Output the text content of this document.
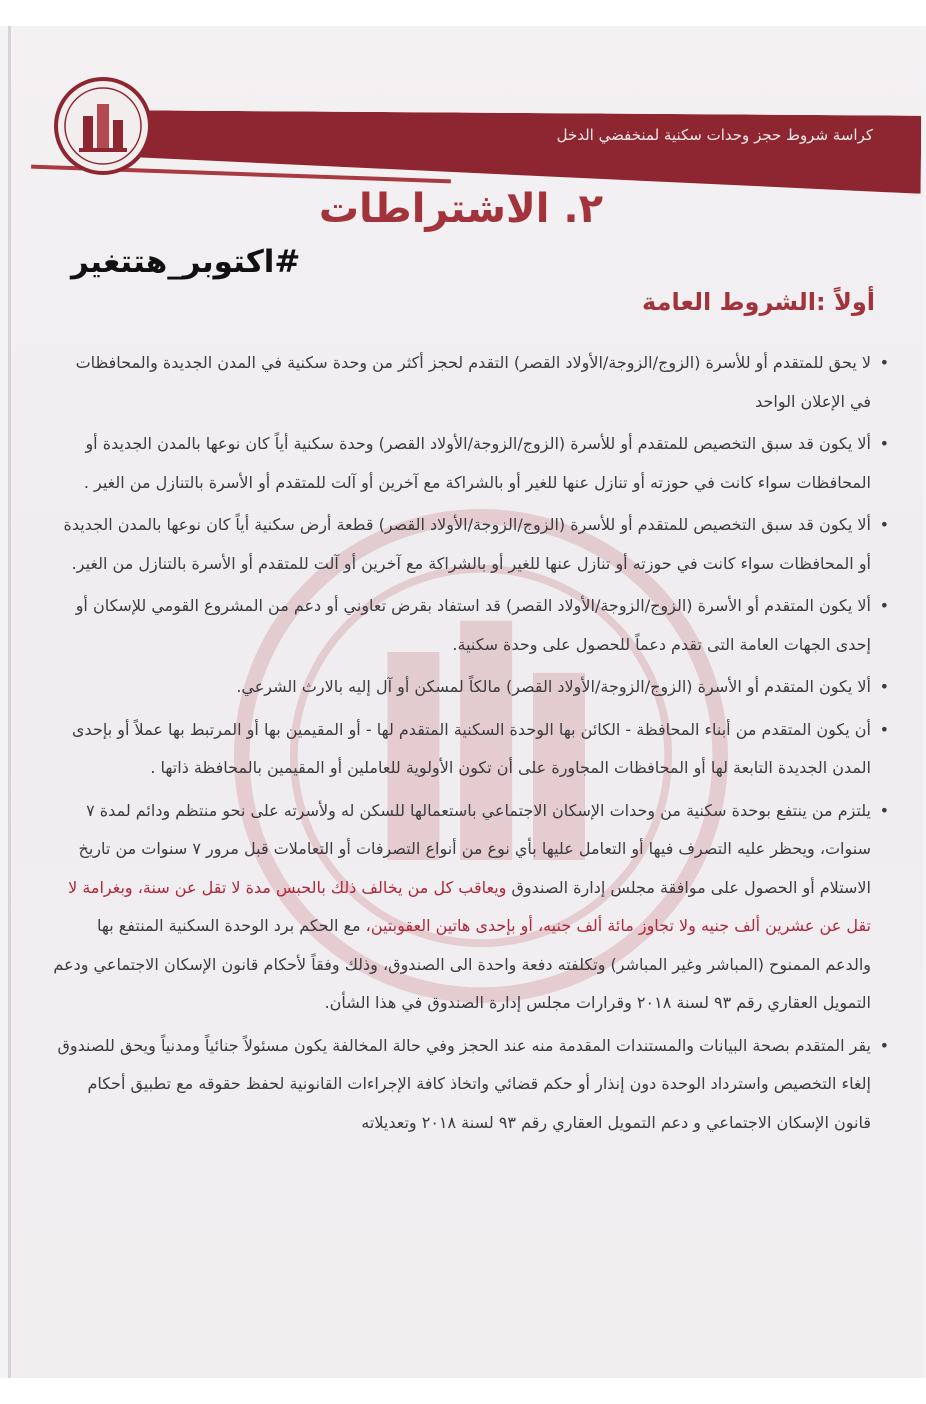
كراسة شروط حجز وحدات سكنية لمنخفضي الدخل
٢. الاشتراطات
#اكتوبر_هتتغير
أولاً :الشروط العامة
• لا يحق للمتقدم أو للأسرة (الزوج/الزوجة/الأولاد القصر) التقدم لحجز أكثر من وحدة سكنية في المدن الجديدة والمحافظات في الإعلان الواحد
• ألا يكون قد سبق التخصيص للمتقدم أو للأسرة (الزوج/الزوجة/الأولاد القصر) وحدة سكنية أياً كان نوعها بالمدن الجديدة أو المحافظات سواء كانت في حوزته أو تنازل عنها للغير أو بالشراكة مع آخرين أو آلت للمتقدم أو الأسرة بالتنازل من الغير .
• ألا يكون قد سبق التخصيص للمتقدم أو للأسرة (الزوج/الزوجة/الأولاد القصر) قطعة أرض سكنية أياً كان نوعها بالمدن الجديدة أو المحافظات سواء كانت في حوزته أو تنازل عنها للغير أو بالشراكة مع آخرين أو آلت للمتقدم أو الأسرة بالتنازل من الغير.
• ألا يكون المتقدم أو الأسرة (الزوج/الزوجة/الأولاد القصر) قد استفاد بقرض تعاوني أو دعم من المشروع القومي للإسكان أو إحدى الجهات العامة التى تقدم دعماً للحصول على وحدة سكنية.
• ألا يكون المتقدم أو الأسرة (الزوج/الزوجة/الأولاد القصر) مالكاً لمسكن أو آل إليه بالارث الشرعي.
• أن يكون المتقدم من أبناء المحافظة - الكائن بها الوحدة السكنية المتقدم لها - أو المقيمين بها أو المرتبط بها عملاً أو بإحدى المدن الجديدة التابعة لها أو المحافظات المجاورة على أن تكون الأولوية للعاملين أو المقيمين بالمحافظة ذاتها .
• يلتزم من ينتفع بوحدة سكنية من وحدات الإسكان الاجتماعي باستعمالها للسكن له ولأسرته على نحو منتظم ودائم لمدة ٧ سنوات، ويحظر عليه التصرف فيها أو التعامل عليها بأي نوع من أنواع التصرفات أو التعاملات قبل مرور ٧ سنوات من تاريخ الاستلام أو الحصول على موافقة مجلس إدارة الصندوق ويعاقب كل من يخالف ذلك بالحبس مدة لا تقل عن سنة، وبغرامة لا تقل عن عشرين ألف جنيه ولا تجاوز مائة ألف جنيه، أو بإحدى هاتين العقوبتين، مع الحكم برد الوحدة السكنية المنتفع بها والدعم الممنوح (المباشر وغير المباشر) وتكلفته دفعة واحدة الى الصندوق، وذلك وفقاً لأحكام قانون الإسكان الاجتماعي ودعم التمويل العقاري رقم ٩٣ لسنة ٢٠١٨ وقرارات مجلس إدارة الصندوق في هذا الشأن.
• يقر المتقدم بصحة البيانات والمستندات المقدمة منه عند الحجز وفي حالة المخالفة يكون مسئولاً جنائياً ومدنياً ويحق للصندوق إلغاء التخصيص واسترداد الوحدة دون إنذار أو حكم قضائي واتخاذ كافة الإجراءات القانونية لحفظ حقوقه مع تطبيق أحكام قانون الإسكان الاجتماعي و دعم التمويل العقاري رقم ٩٣ لسنة ٢٠١٨ وتعديلاته
